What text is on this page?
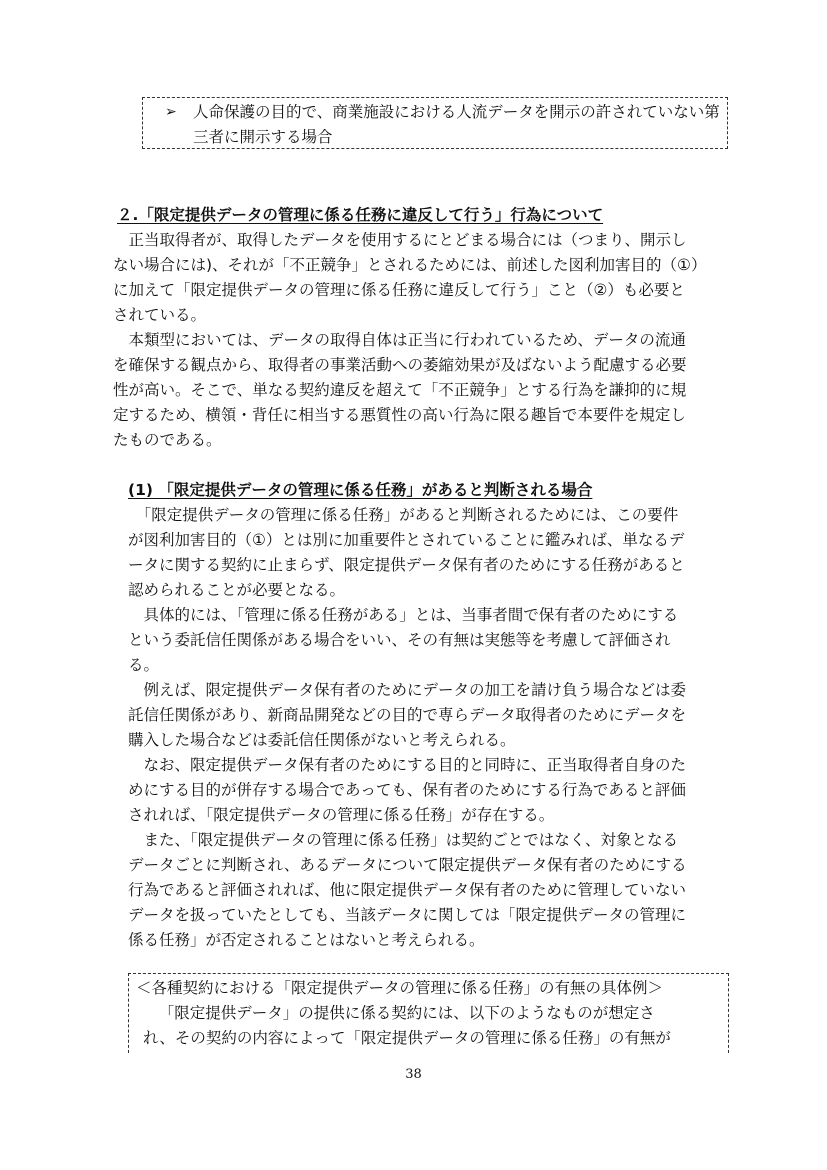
➢ 人命保護の目的で、商業施設における人流データを開示の許されていない第三者に開示する場合
２.「限定提供データの管理に係る任務に違反して行う」行為について
　正当取得者が、取得したデータを使用するにとどまる場合には（つまり、開示し
ない場合には)、それが「不正競争」とされるためには、前述した図利加害目的（①）
に加えて「限定提供データの管理に係る任務に違反して行う」こと（②）も必要と
されている。
　本類型においては、データの取得自体は正当に行われているため、データの流通
を確保する観点から、取得者の事業活動への萎縮効果が及ばないよう配慮する必要
性が高い。そこで、単なる契約違反を超えて「不正競争」とする行為を謙抑的に規
定するため、横領・背任に相当する悪質性の高い行為に限る趣旨で本要件を規定し
たものである。
(1) 「限定提供データの管理に係る任務」があると判断される場合
　「限定提供データの管理に係る任務」があると判断されるためには、この要件
が図利加害目的（①）とは別に加重要件とされていることに鑑みれば、単なるデ
ータに関する契約に止まらず、限定提供データ保有者のためにする任務があると
認められることが必要となる。
　具体的には、「管理に係る任務がある」とは、当事者間で保有者のためにする
という委託信任関係がある場合をいい、その有無は実態等を考慮して評価され
る。
　例えば、限定提供データ保有者のためにデータの加工を請け負う場合などは委
託信任関係があり、新商品開発などの目的で専らデータ取得者のためにデータを
購入した場合などは委託信任関係がないと考えられる。
　なお、限定提供データ保有者のためにする目的と同時に、正当取得者自身のた
めにする目的が併存する場合であっても、保有者のためにする行為であると評価
されれば、「限定提供データの管理に係る任務」が存在する。
　また、「限定提供データの管理に係る任務」は契約ごとではなく、対象となる
データごとに判断され、あるデータについて限定提供データ保有者のためにする
行為であると評価されれば、他に限定提供データ保有者のために管理していない
データを扱っていたとしても、当該データに関しては「限定提供データの管理に
係る任務」が否定されることはないと考えられる。
＜各種契約における「限定提供データの管理に係る任務」の有無の具体例＞
　「限定提供データ」の提供に係る契約には、以下のようなものが想定さ
れ、その契約の内容によって「限定提供データの管理に係る任務」の有無が
38
